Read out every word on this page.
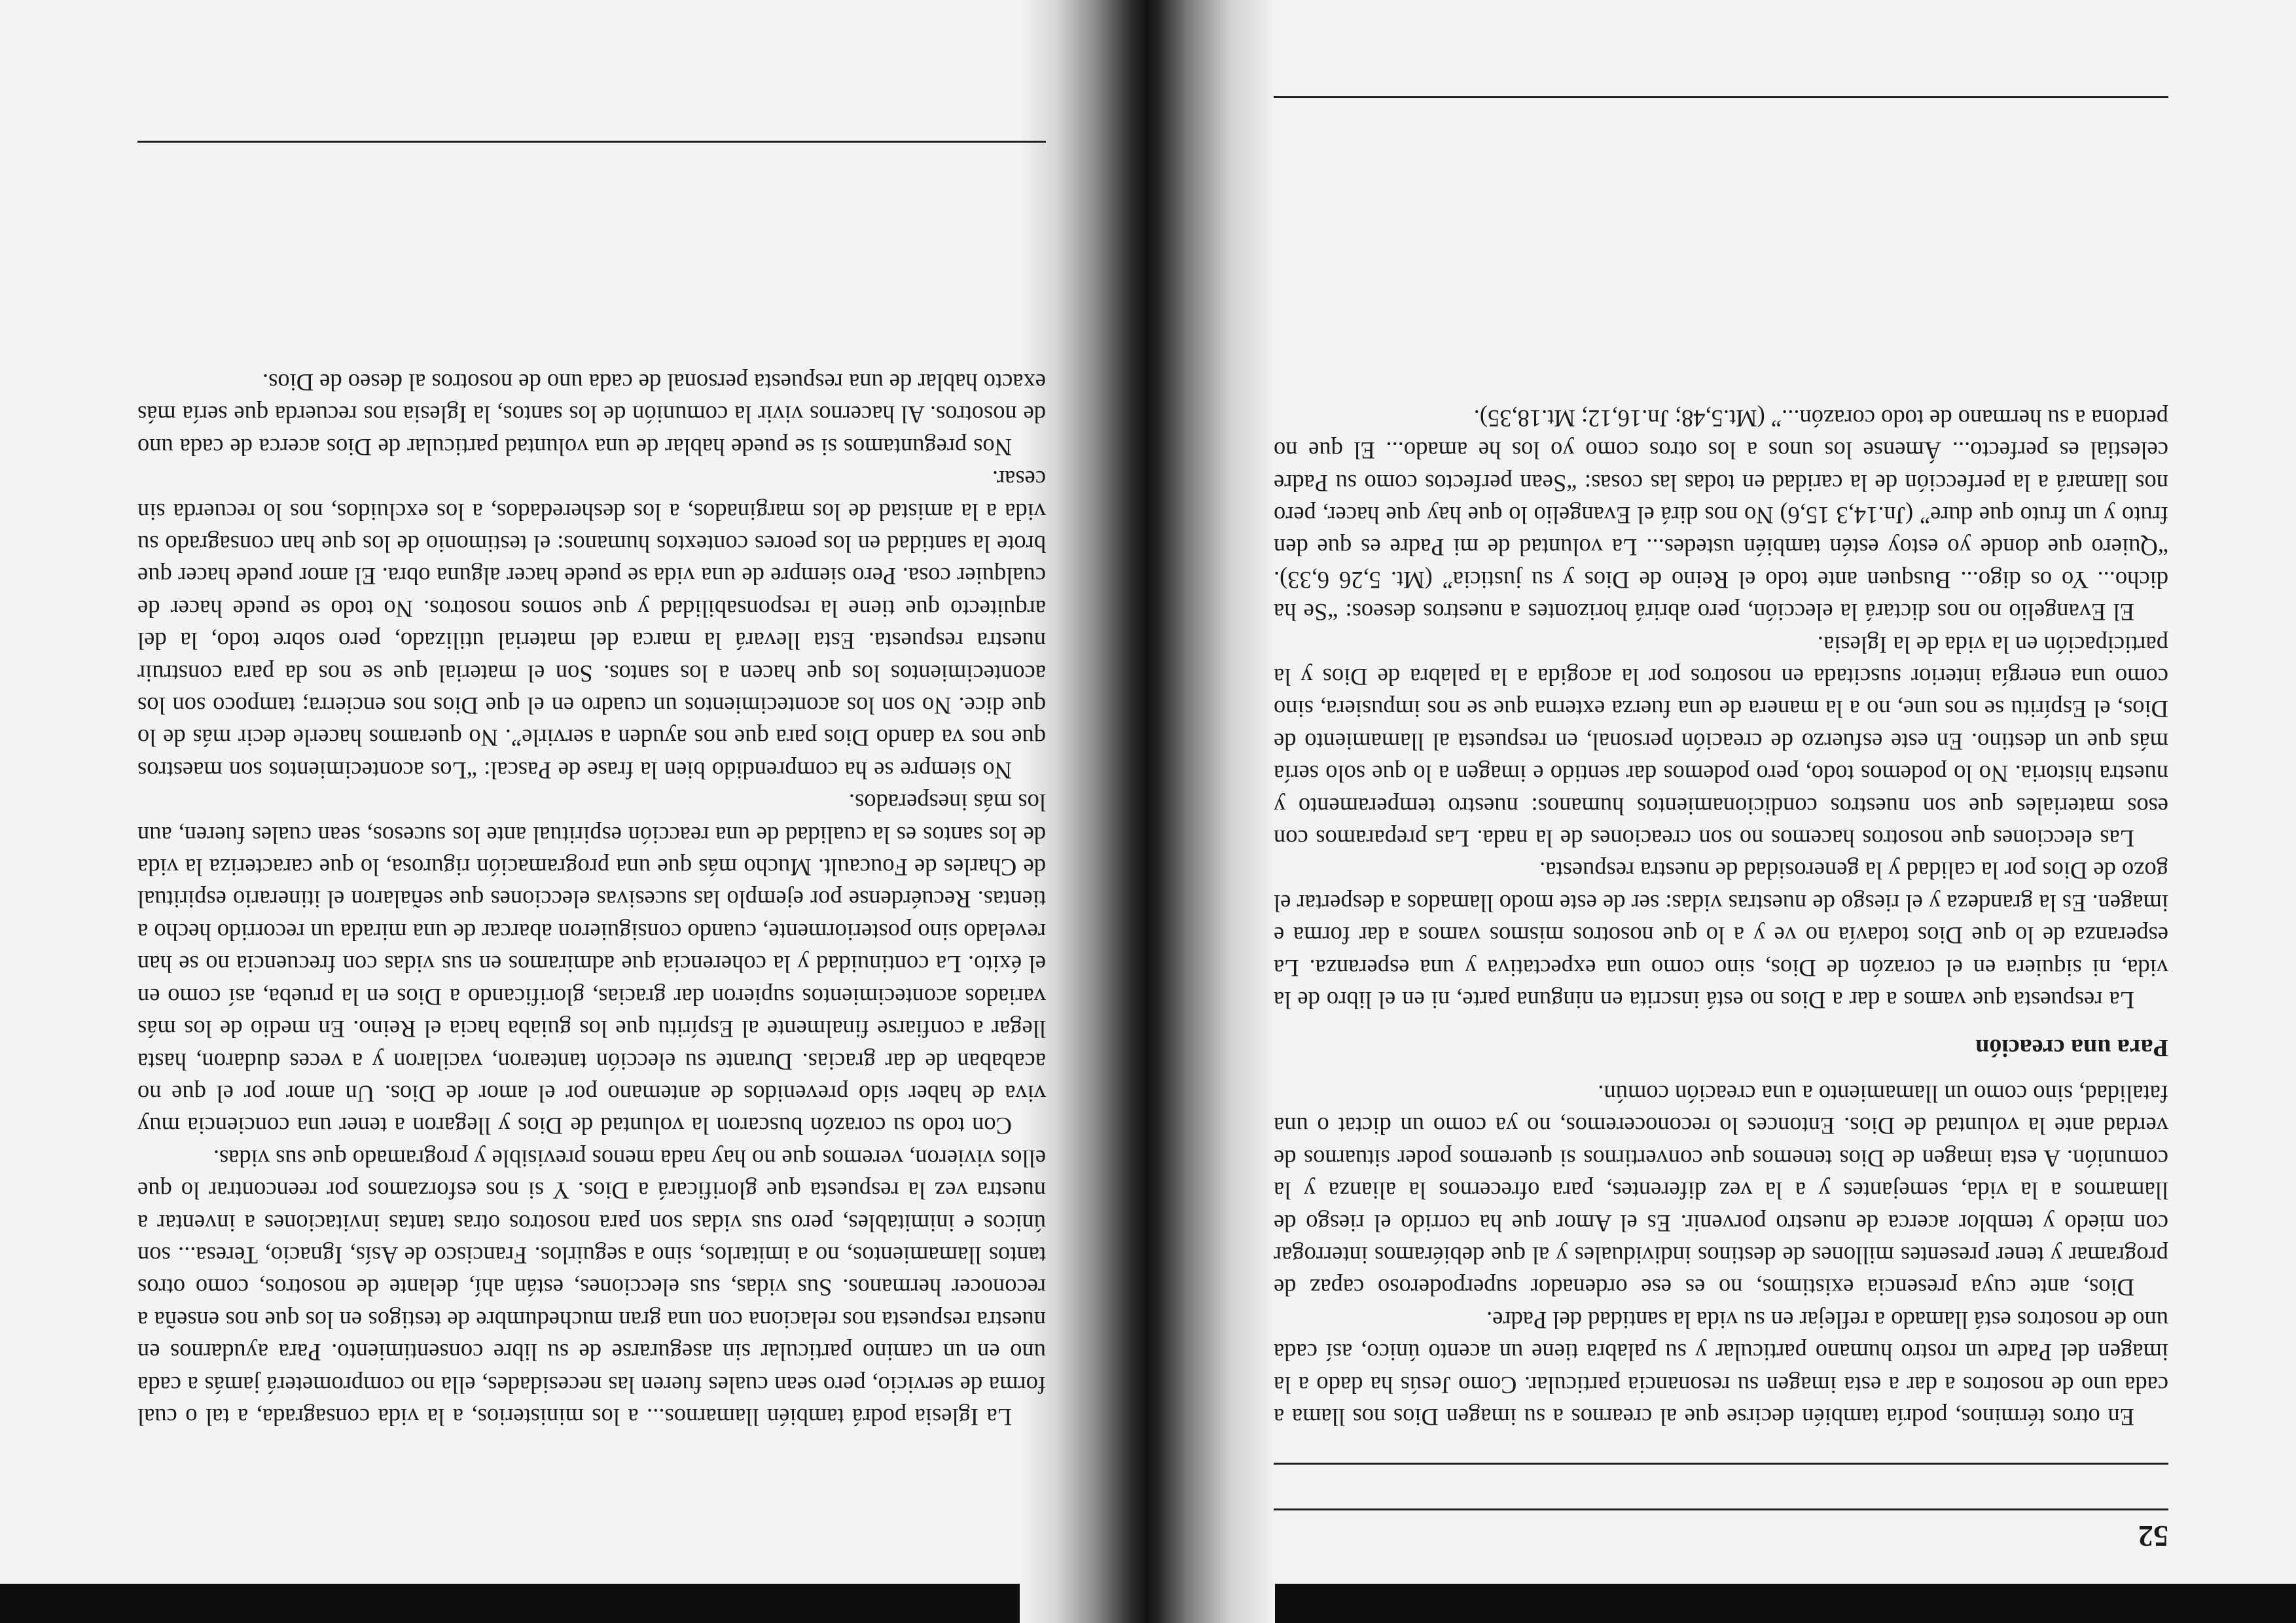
52

En otros términos, podría también decirse que al crearnos a su imagen Dios nos llama a cada uno de nosotros a dar a esta imagen su resonancia particular. Como Jesús ha dado a la imagen del Padre un rostro humano particular y su palabra tiene un acento único, así cada uno de nosotros está llamado a reflejar en su vida la santidad del Padre.

Dios, ante cuya presencia existimos, no es ese ordenador superpoderoso capaz de programar y tener presentes millones de destinos individuales y al que debiéramos interrogar con miedo y temblor acerca de nuestro porvenir. Es el Amor que ha corrido el riesgo de llamarnos a la vida, semejantes y a la vez diferentes, para ofrecernos la alianza y la comunión. A esta imagen de Dios tenemos que convertirnos si queremos poder situarnos de verdad ante la voluntad de Dios. Entonces lo reconoceremos, no ya como un dictat o una fatalidad, sino como un llamamiento a una creación común.

Para una creación

La respuesta que vamos a dar a Dios no está inscrita en ninguna parte, ni en el libro de la vida, ni siquiera en el corazón de Dios, sino como una expectativa y una esperanza. La esperanza de lo que Dios todavía no ve y a lo que nosotros mismos vamos a dar forma e imagen. Es la grandeza y el riesgo de nuestras vidas: ser de este modo llamados a despertar el gozo de Dios por la calidad y la generosidad de nuestra respuesta.

Las elecciones que nosotros hacemos no son creaciones de la nada. Las preparamos con esos materiales que son nuestros condicionamientos humanos: nuestro temperamento y nuestra historia. No lo podemos todo, pero podemos dar sentido e imagen a lo que solo sería más que un destino. En este esfuerzo de creación personal, en respuesta al llamamiento de Dios, el Espíritu se nos une, no a la manera de una fuerza externa que se nos impusiera, sino como una energía interior suscitada en nosotros por la acogida a la palabra de Dios y la participación en la vida de la Iglesia.

El Evangelio no nos dictará la elección, pero abrirá horizontes a nuestros deseos: “Se ha dicho... Yo os digo... Busquen ante todo el Reino de Dios y su justicia” (Mt. 5,26 6,33). “Quiero que donde yo estoy estén también ustedes... La voluntad de mi Padre es que den fruto y un fruto que dure” (Jn.14,3 15,6) No nos dirá el Evangelio lo que hay que hacer, pero nos llamará a la perfección de la caridad en todas las cosas: “Sean perfectos como su Padre celestial es perfecto... Ámense los unos a los otros como yo los he amado... El que no perdona a su hermano de todo corazón...” (Mt.5,48; Jn.16,12; Mt.18,35).

La Iglesia podrá también llamarnos... a los ministerios, a la vida consagrada, a tal o cual forma de servicio, pero sean cuales fueren las necesidades, ella no comprometerá jamás a cada uno en un camino particular sin asegurarse de su libre consentimiento. Para ayudarnos en nuestra respuesta nos relaciona con una gran muchedumbre de testigos en los que nos enseña a reconocer hermanos. Sus vidas, sus elecciones, están ahí, delante de nosotros, como otros tantos llamamientos, no a imitarlos, sino a seguirlos. Francisco de Asís, Ignacio, Teresa... son únicos e inimitables, pero sus vidas son para nosotros otras tantas invitaciones a inventar a nuestra vez la respuesta que glorificará a Dios. Y si nos esforzamos por reencontrar lo que ellos vivieron, veremos que no hay nada menos previsible y programado que sus vidas.

Con todo su corazón buscaron la voluntad de Dios y llegaron a tener una conciencia muy viva de haber sido prevenidos de antemano por el amor de Dios. Un amor por el que no acababan de dar gracias. Durante su elección tantearon, vacilaron y a veces dudaron, hasta llegar a confiarse finalmente al Espíritu que los guiaba hacia el Reino. En medio de los más variados acontecimientos supieron dar gracias, glorificando a Dios en la prueba, así como en el éxito. La continuidad y la coherencia que admiramos en sus vidas con frecuencia no se han revelado sino posteriormente, cuando consiguieron abarcar de una mirada un recorrido hecho a tientas. Recuérdense por ejemplo las sucesivas elecciones que señalaron el itinerario espiritual de Charles de Foucault. Mucho más que una programación rigurosa, lo que caracteriza la vida de los santos es la cualidad de una reacción espiritual ante los sucesos, sean cuales fueren, aun los más inesperados.

No siempre se ha comprendido bien la frase de Pascal: “Los acontecimientos son maestros que nos va dando Dios para que nos ayuden a servirle”. No queramos hacerle decir más de lo que dice. No son los acontecimientos un cuadro en el que Dios nos encierra; tampoco son los acontecimientos los que hacen a los santos. Son el material que se nos da para construir nuestra respuesta. Esta llevará la marca del material utilizado, pero sobre todo, la del arquitecto que tiene la responsabilidad y que somos nosotros. No todo se puede hacer de cualquier cosa. Pero siempre de una vida se puede hacer alguna obra. El amor puede hacer que brote la santidad en los peores contextos humanos: el testimonio de los que han consagrado su vida a la amistad de los marginados, a los desheredados, a los excluidos, nos lo recuerda sin cesar.

Nos preguntamos si se puede hablar de una voluntad particular de Dios acerca de cada uno de nosotros. Al hacernos vivir la comunión de los santos, la Iglesia nos recuerda que sería más exacto hablar de una respuesta personal de cada uno de nosotros al deseo de Dios.
